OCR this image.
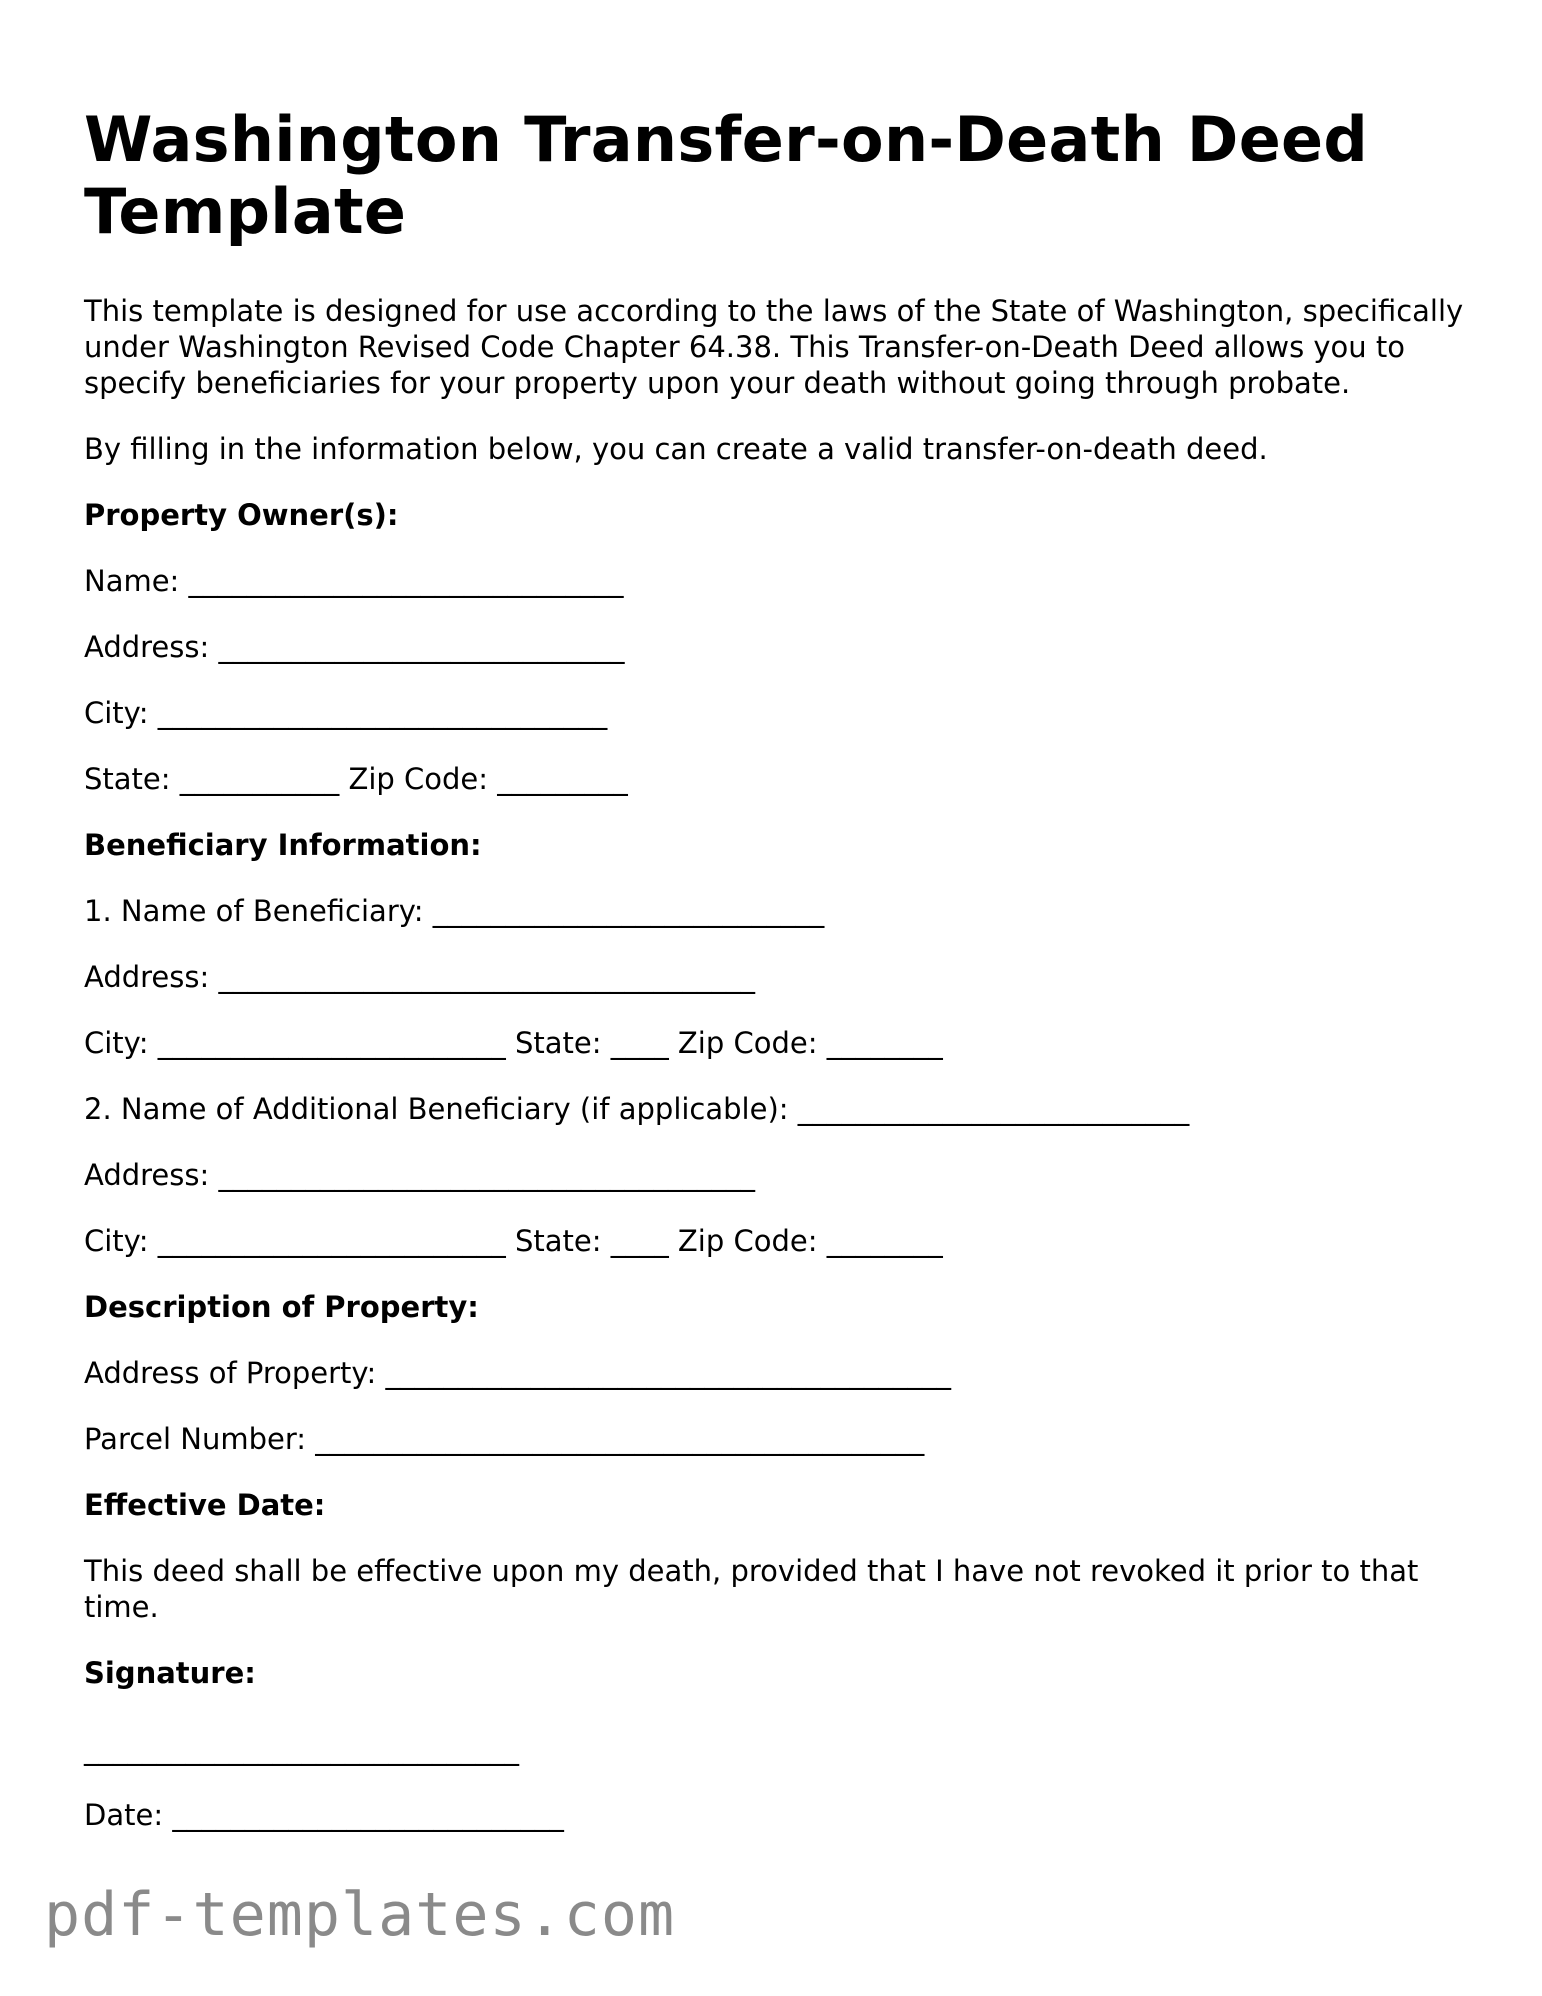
Washington Transfer-on-Death Deed Template

This template is designed for use according to the laws of the State of Washington, specifically under Washington Revised Code Chapter 64.38. This Transfer-on-Death Deed allows you to specify beneficiaries for your property upon your death without going through probate.

By filling in the information below, you can create a valid transfer-on-death deed.

Property Owner(s):
Name: ______________________________
Address: ____________________________
City: _______________________________
State: ___________ Zip Code: _________
Beneficiary Information:
1. Name of Beneficiary: ___________________________
Address: _____________________________________
City: ________________________ State: ____ Zip Code: ________
2. Name of Additional Beneficiary (if applicable): ___________________________
Address: _____________________________________
City: ________________________ State: ____ Zip Code: ________
Description of Property:
Address of Property: _______________________________________
Parcel Number: __________________________________________
Effective Date:

This deed shall be effective upon my death, provided that I have not revoked it prior to that time.

Signature:
______________________________
Date: ___________________________
pdf-templates.com
